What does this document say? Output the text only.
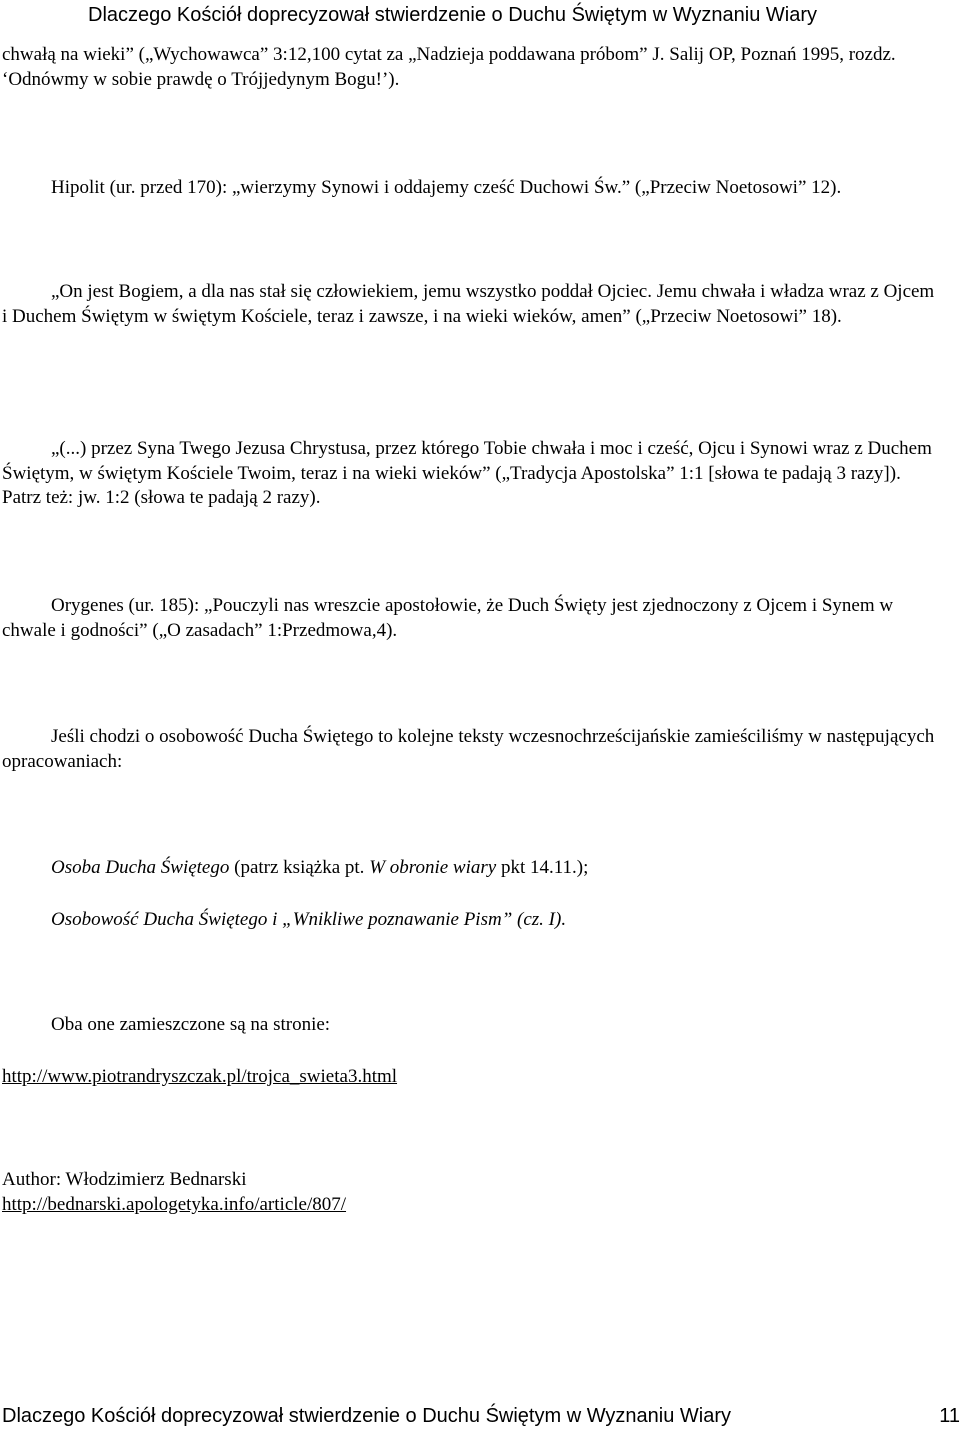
Dlaczego Kościół doprecyzował stwierdzenie o Duchu Świętym w Wyznaniu Wiary

chwałą na wieki” („Wychowawca” 3:12,100 cytat za „Nadzieja poddawana próbom” J. Salij OP, Poznań 1995, rozdz. ‘Odnówmy w sobie prawdę o Trójjedynym Bogu!’).

Hipolit (ur. przed 170): „wierzymy Synowi i oddajemy cześć Duchowi Św.” („Przeciw Noetosowi” 12).

„On jest Bogiem, a dla nas stał się człowiekiem, jemu wszystko poddał Ojciec. Jemu chwała i władza wraz z Ojcem i Duchem Świętym w świętym Kościele, teraz i zawsze, i na wieki wieków, amen” („Przeciw Noetosowi” 18).

„(...) przez Syna Twego Jezusa Chrystusa, przez którego Tobie chwała i moc i cześć, Ojcu i Synowi wraz z Duchem Świętym, w świętym Kościele Twoim, teraz i na wieki wieków” („Tradycja Apostolska” 1:1 [słowa te padają 3 razy]). Patrz też: jw. 1:2 (słowa te padają 2 razy).

Orygenes (ur. 185): „Pouczyli nas wreszcie apostołowie, że Duch Święty jest zjednoczony z Ojcem i Synem w chwale i godności” („O zasadach” 1:Przedmowa,4).

Jeśli chodzi o osobowość Ducha Świętego to kolejne teksty wczesnochrześcijańskie zamieściliśmy w następujących opracowaniach:

Osoba Ducha Świętego (patrz książka pt. W obronie wiary pkt 14.11.);

Osobowość Ducha Świętego i „Wnikliwe poznawanie Pism” (cz. I).

Oba one zamieszczone są na stronie:

http://www.piotrandryszczak.pl/trojca_swieta3.html

Author: Włodzimierz Bednarski

http://bednarski.apologetyka.info/article/807/

Dlaczego Kościół doprecyzował stwierdzenie o Duchu Świętym w Wyznaniu Wiary	11
